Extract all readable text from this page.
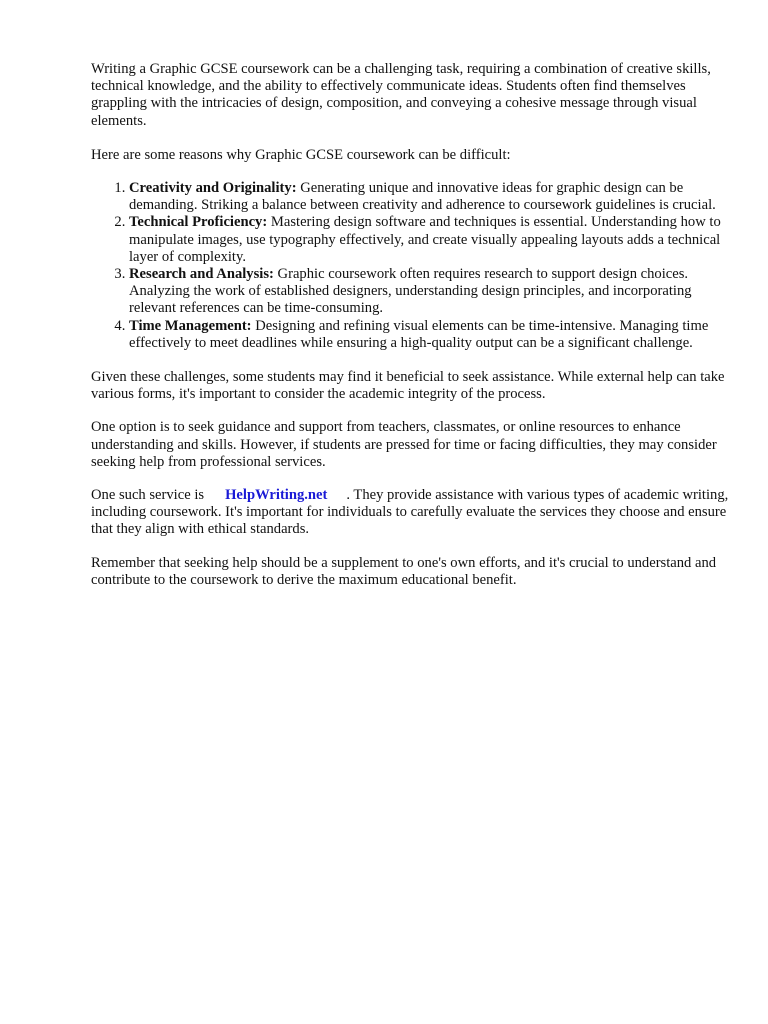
Writing a Graphic GCSE coursework can be a challenging task, requiring a combination of creative skills, technical knowledge, and the ability to effectively communicate ideas. Students often find themselves grappling with the intricacies of design, composition, and conveying a cohesive message through visual elements.

Here are some reasons why Graphic GCSE coursework can be difficult:

1. Creativity and Originality: Generating unique and innovative ideas for graphic design can be demanding. Striking a balance between creativity and adherence to coursework guidelines is crucial.
2. Technical Proficiency: Mastering design software and techniques is essential. Understanding how to manipulate images, use typography effectively, and create visually appealing layouts adds a technical layer of complexity.
3. Research and Analysis: Graphic coursework often requires research to support design choices. Analyzing the work of established designers, understanding design principles, and incorporating relevant references can be time-consuming.
4. Time Management: Designing and refining visual elements can be time-intensive. Managing time effectively to meet deadlines while ensuring a high-quality output can be a significant challenge.

Given these challenges, some students may find it beneficial to seek assistance. While external help can take various forms, it's important to consider the academic integrity of the process.

One option is to seek guidance and support from teachers, classmates, or online resources to enhance understanding and skills. However, if students are pressed for time or facing difficulties, they may consider seeking help from professional services.

One such service is HelpWriting.net . They provide assistance with various types of academic writing, including coursework. It's important for individuals to carefully evaluate the services they choose and ensure that they align with ethical standards.

Remember that seeking help should be a supplement to one's own efforts, and it's crucial to understand and contribute to the coursework to derive the maximum educational benefit.
